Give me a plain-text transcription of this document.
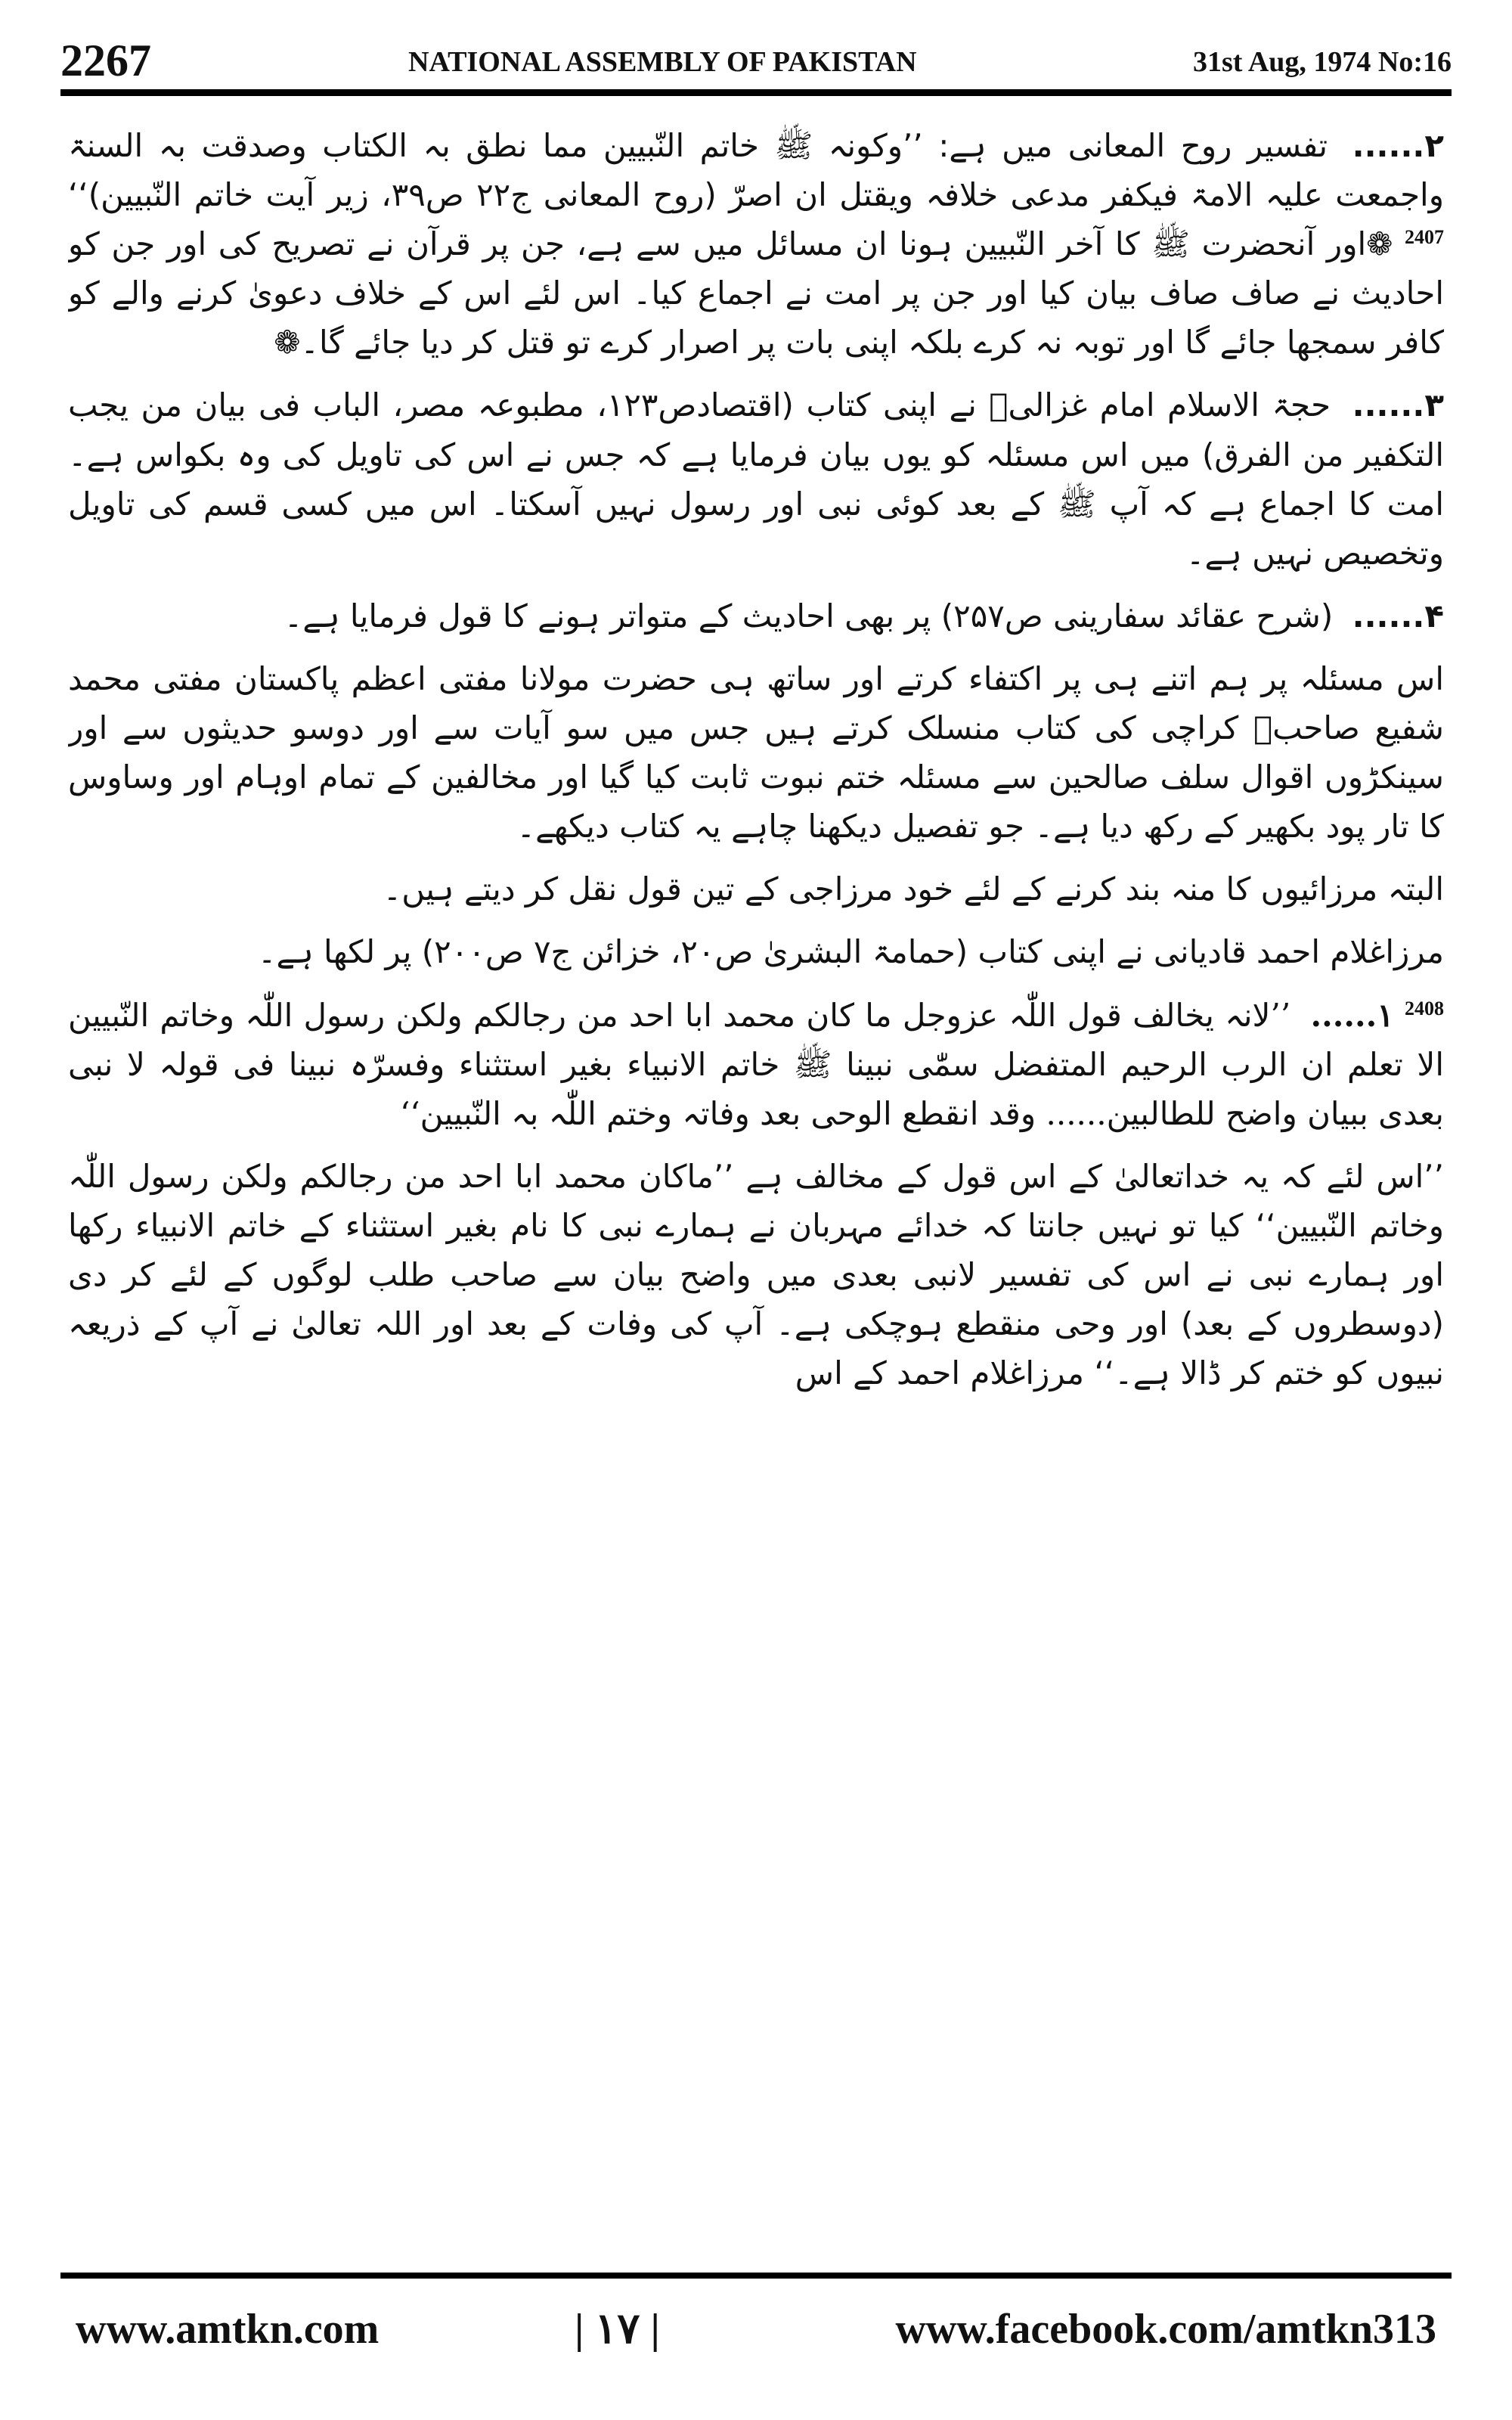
2267	NATIONAL ASSEMBLY OF PAKISTAN	31st Aug, 1974 No:16

۲...... تفسیر روح المعانی میں ہے: ’’وکونہ ﷺ خاتم النّبیین مما نطق بہ الکتاب وصدقت بہ السنۃ واجمعت علیہ الامۃ فیکفر مدعی خلافہ ویقتل ان اصرّ (روح المعانی ج۲۲ ص۳۹، زیر آیت خاتم النّبیین)‘‘ $^{2407}$ ❁اور آنحضرت ﷺ کا آخر النّبیین ہونا ان مسائل میں سے ہے، جن پر قرآن نے تصریح کی اور جن کو احادیث نے صاف صاف بیان کیا اور جن پر امت نے اجماع کیا۔ اس لئے اس کے خلاف دعویٰ کرنے والے کو کافر سمجھا جائے گا اور توبہ نہ کرے بلکہ اپنی بات پر اصرار کرے تو قتل کر دیا جائے گا۔❁

۳...... حجۃ الاسلام امام غزالیؒ نے اپنی کتاب (اقتصادص۱۲۳، مطبوعہ مصر، الباب فی بیان من یجب التکفیر من الفرق) میں اس مسئلہ کو یوں بیان فرمایا ہے کہ جس نے اس کی تاویل کی وہ بکواس ہے۔ امت کا اجماع ہے کہ آپ ﷺ کے بعد کوئی نبی اور رسول نہیں آسکتا۔ اس میں کسی قسم کی تاویل وتخصیص نہیں ہے۔

۴...... (شرح عقائد سفارینی ص۲۵۷) پر بھی احادیث کے متواتر ہونے کا قول فرمایا ہے۔

اس مسئلہ پر ہم اتنے ہی پر اکتفاء کرتے اور ساتھ ہی حضرت مولانا مفتی اعظم پاکستان مفتی محمد شفیع صاحبؒ کراچی کی کتاب منسلک کرتے ہیں جس میں سو آیات سے اور دوسو حدیثوں سے اور سینکڑوں اقوال سلف صالحین سے مسئلہ ختم نبوت ثابت کیا گیا اور مخالفین کے تمام اوہام اور وساوس کا تار پود بکھیر کے رکھ دیا ہے۔ جو تفصیل دیکھنا چاہے یہ کتاب دیکھے۔

البتہ مرزائیوں کا منہ بند کرنے کے لئے خود مرزاجی کے تین قول نقل کر دیتے ہیں۔

مرزاغلام احمد قادیانی نے اپنی کتاب (حمامۃ البشریٰ ص۲۰، خزائن ج۷ ص۲۰۰) پر لکھا ہے۔

$^{2408}$ ۱...... ’’لانہ یخالف قول اللّٰہ عزوجل ما کان محمد ابا احد من رجالکم ولکن رسول اللّٰہ وخاتم النّبیین الا تعلم ان الرب الرحیم المتفضل سمّٰی نبینا ﷺ خاتم الانبیاء بغیر استثناء وفسرّہ نبینا فی قولہ لا نبی بعدی ببیان واضح للطالبین...... وقد انقطع الوحی بعد وفاتہ وختم اللّٰہ بہ النّبیین‘‘

’’اس لئے کہ یہ خداتعالیٰ کے اس قول کے مخالف ہے ’’ماکان محمد ابا احد من رجالکم ولکن رسول اللّٰہ وخاتم النّبیین‘‘ کیا تو نہیں جانتا کہ خدائے مہربان نے ہمارے نبی کا نام بغیر استثناء کے خاتم الانبیاء رکھا اور ہمارے نبی نے اس کی تفسیر لانبی بعدی میں واضح بیان سے صاحب طلب لوگوں کے لئے کر دی (دوسطروں کے بعد) اور وحی منقطع ہوچکی ہے۔ آپ کی وفات کے بعد اور اللہ تعالیٰ نے آپ کے ذریعہ نبیوں کو ختم کر ڈالا ہے۔‘‘ مرزاغلام احمد کے اس

www.amtkn.com	| ۱۷ |	www.facebook.com/amtkn313
